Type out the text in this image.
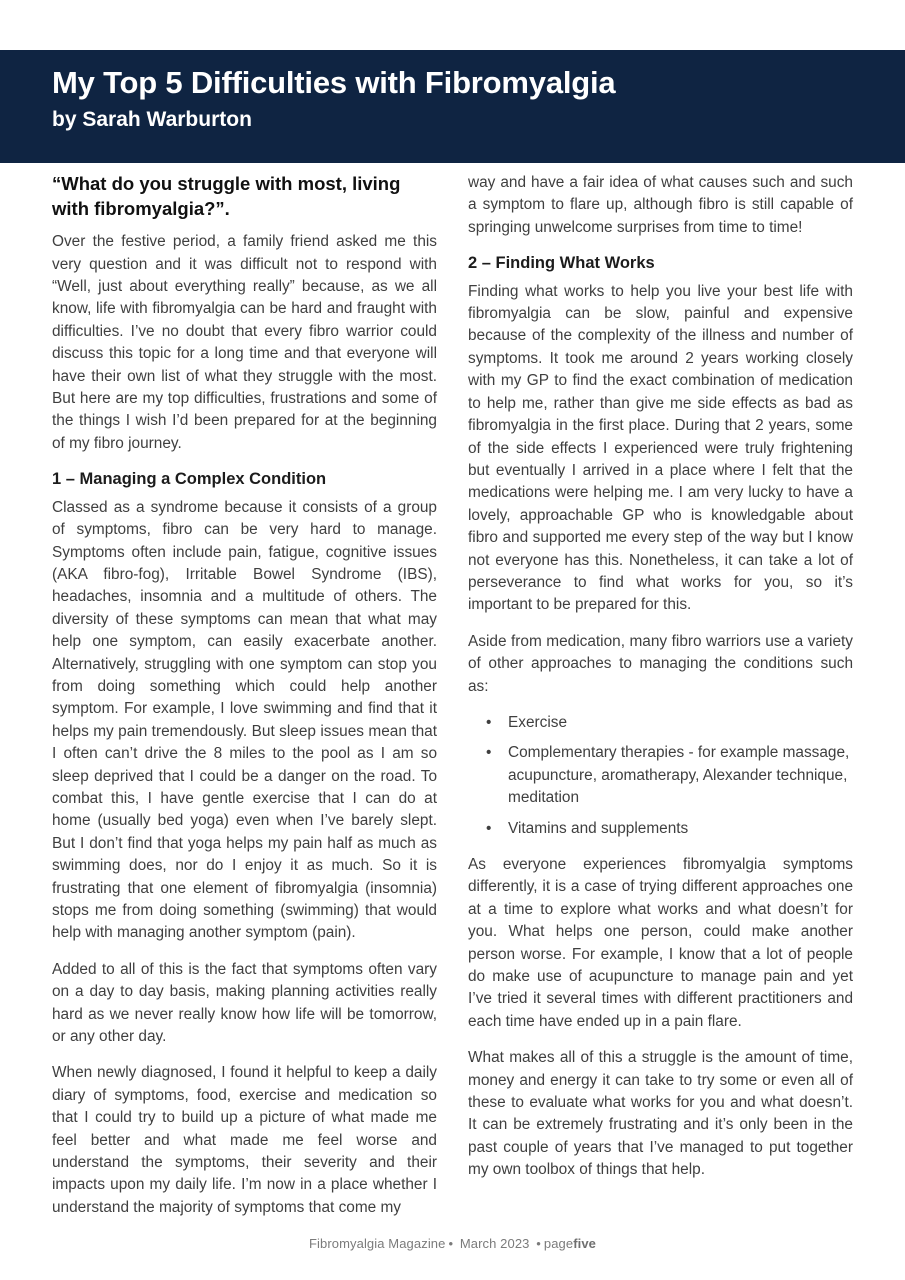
My Top 5 Difficulties with Fibromyalgia
by Sarah Warburton
“What do you struggle with most, living with fibromyalgia?”.

Over the festive period, a family friend asked me this very question and it was difficult not to respond with “Well, just about everything really” because, as we all know, life with fibromyalgia can be hard and fraught with difficulties. I’ve no doubt that every fibro warrior could discuss this topic for a long time and that everyone will have their own list of what they struggle with the most. But here are my top difficulties, frustrations and some of the things I wish I’d been prepared for at the beginning of my fibro journey.

1 – Managing a Complex Condition

Classed as a syndrome because it consists of a group of symptoms, fibro can be very hard to manage. Symptoms often include pain, fatigue, cognitive issues (AKA fibro-fog), Irritable Bowel Syndrome (IBS), headaches, insomnia and a multitude of others. The diversity of these symptoms can mean that what may help one symptom, can easily exacerbate another. Alternatively, struggling with one symptom can stop you from doing something which could help another symptom. For example, I love swimming and find that it helps my pain tremendously. But sleep issues mean that I often can’t drive the 8 miles to the pool as I am so sleep deprived that I could be a danger on the road. To combat this, I have gentle exercise that I can do at home (usually bed yoga) even when I’ve barely slept. But I don’t find that yoga helps my pain half as much as swimming does, nor do I enjoy it as much. So it is frustrating that one element of fibromyalgia (insomnia) stops me from doing something (swimming) that would help with managing another symptom (pain).

Added to all of this is the fact that symptoms often vary on a day to day basis, making planning activities really hard as we never really know how life will be tomorrow, or any other day.

When newly diagnosed, I found it helpful to keep a daily diary of symptoms, food, exercise and medication so that I could try to build up a picture of what made me feel better and what made me feel worse and understand the symptoms, their severity and their impacts upon my daily life. I’m now in a place whether I understand the majority of symptoms that come my

way and have a fair idea of what causes such and such a symptom to flare up, although fibro is still capable of springing unwelcome surprises from time to time!

2 – Finding What Works

Finding what works to help you live your best life with fibromyalgia can be slow, painful and expensive because of the complexity of the illness and number of symptoms. It took me around 2 years working closely with my GP to find the exact combination of medication to help me, rather than give me side effects as bad as fibromyalgia in the first place. During that 2 years, some of the side effects I experienced were truly frightening but eventually I arrived in a place where I felt that the medications were helping me. I am very lucky to have a lovely, approachable GP who is knowledgable about fibro and supported me every step of the way but I know not everyone has this. Nonetheless, it can take a lot of perseverance to find what works for you, so it’s important to be prepared for this.

Aside from medication, many fibro warriors use a variety of other approaches to managing the conditions such as:

• Exercise
• Complementary therapies - for example massage, acupuncture, aromatherapy, Alexander technique, meditation
• Vitamins and supplements

As everyone experiences fibromyalgia symptoms differently, it is a case of trying different approaches one at a time to explore what works and what doesn’t for you. What helps one person, could make another person worse. For example, I know that a lot of people do make use of acupuncture to manage pain and yet I’ve tried it several times with different practitioners and each time have ended up in a pain flare.

What makes all of this a struggle is the amount of time, money and energy it can take to try some or even all of these to evaluate what works for you and what doesn’t. It can be extremely frustrating and it’s only been in the past couple of years that I’ve managed to put together my own toolbox of things that help.

Fibromyalgia Magazine • March 2023 • pagefive
